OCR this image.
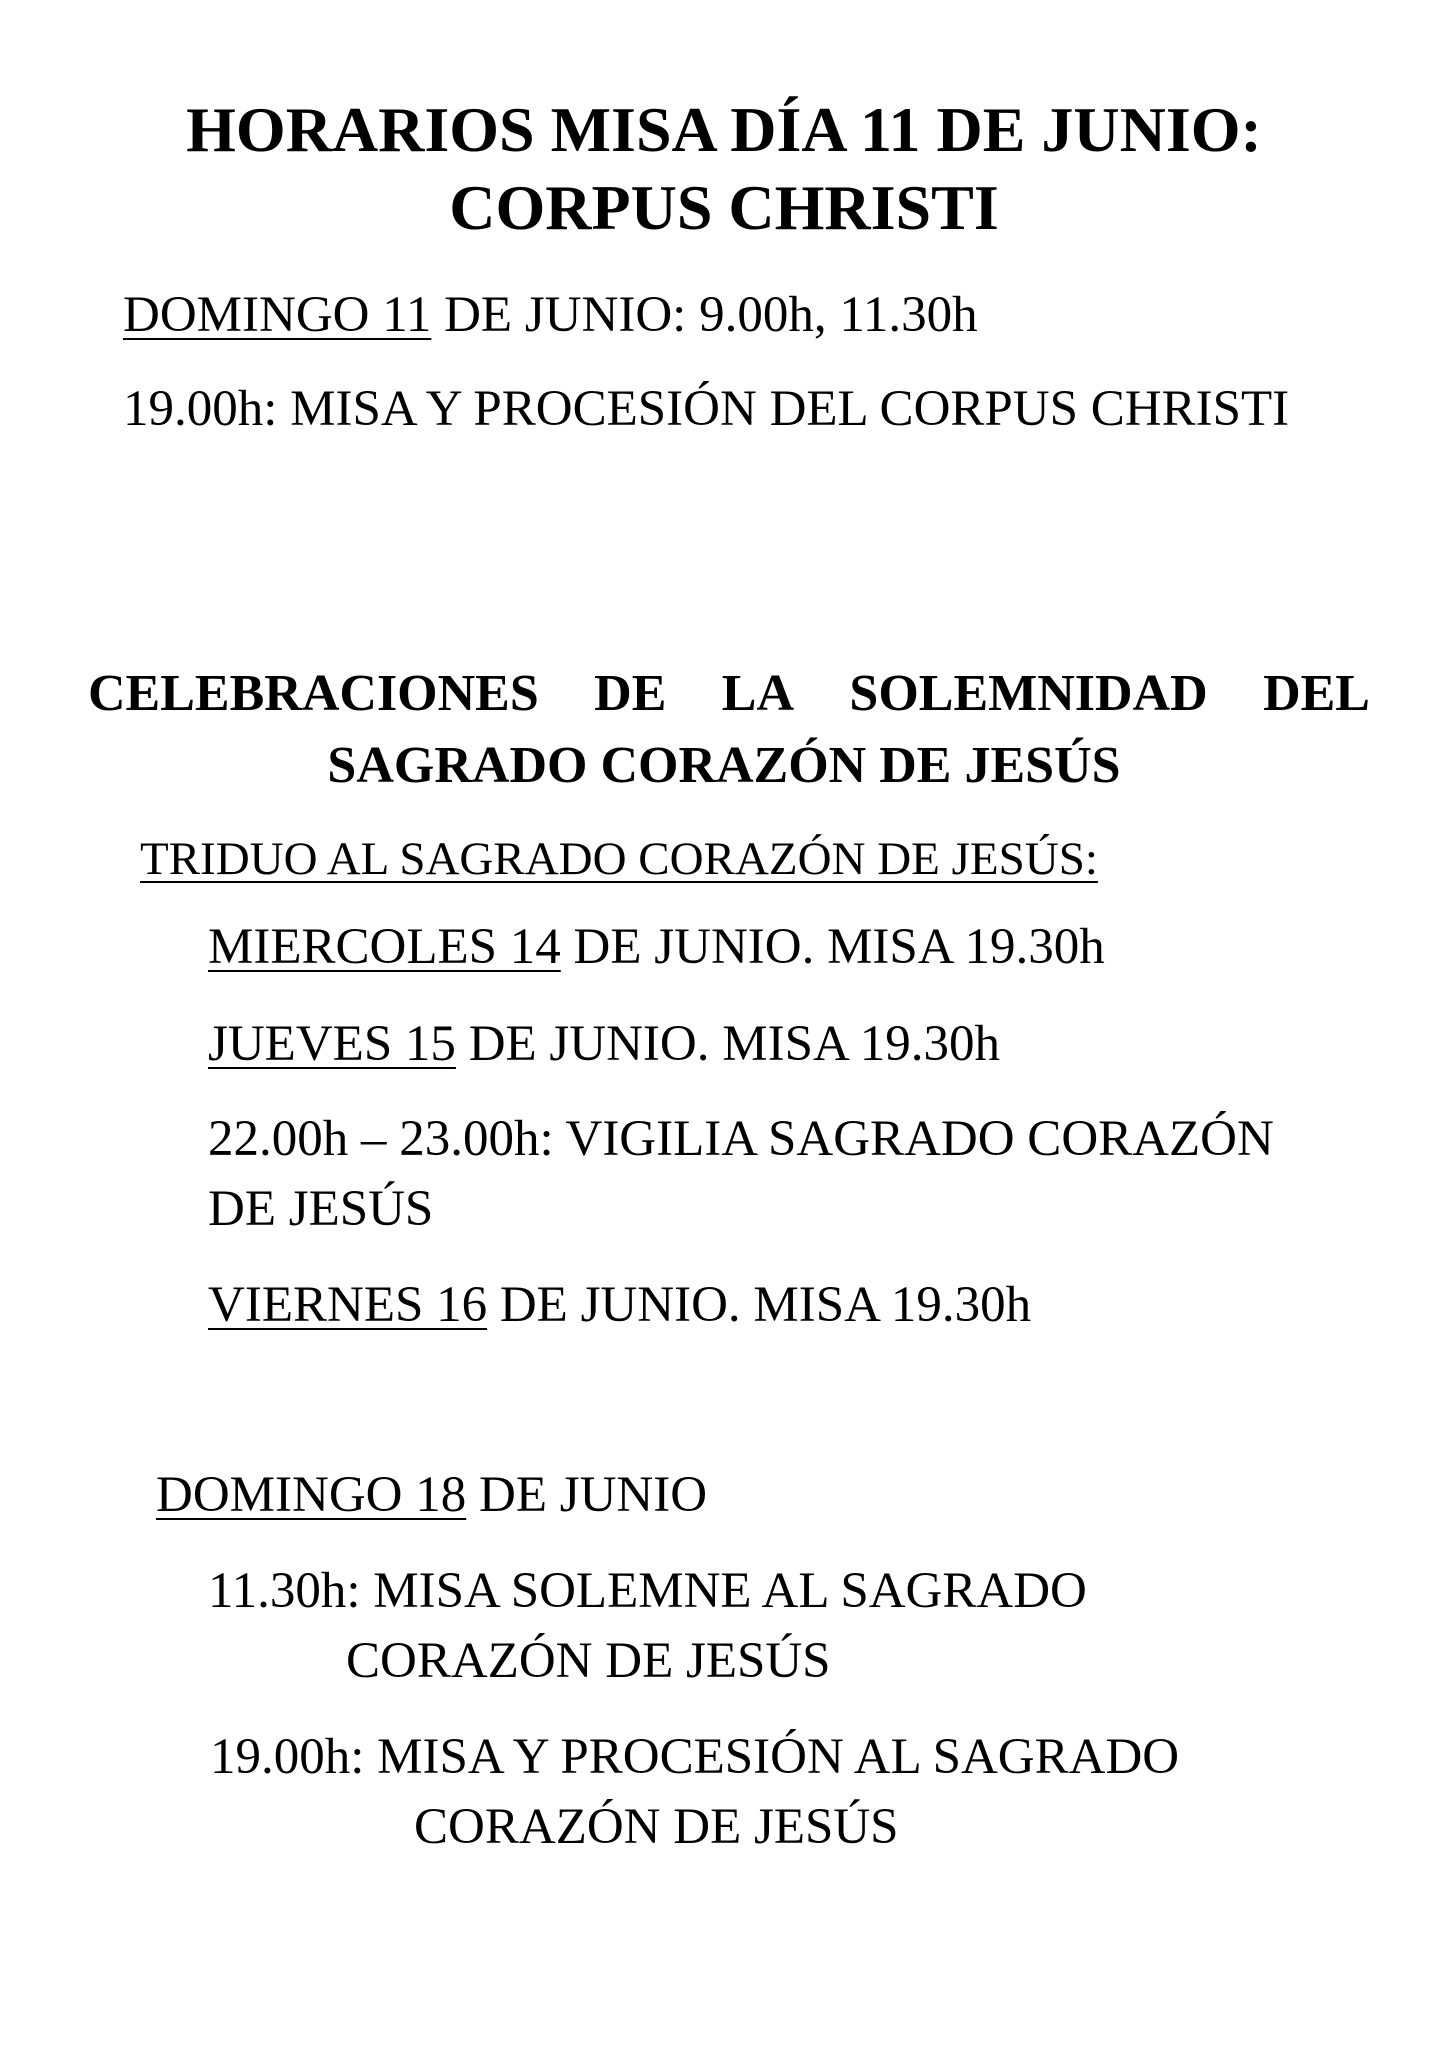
HORARIOS MISA DÍA 11 DE JUNIO:
CORPUS CHRISTI
DOMINGO 11 DE JUNIO: 9.00h, 11.30h
19.00h: MISA Y PROCESIÓN DEL CORPUS CHRISTI
CELEBRACIONES DE LA SOLEMNIDAD DEL
SAGRADO CORAZÓN DE JESÚS
TRIDUO AL SAGRADO CORAZÓN DE JESÚS:
MIERCOLES 14 DE JUNIO. MISA 19.30h
JUEVES 15 DE JUNIO. MISA 19.30h
22.00h – 23.00h: VIGILIA SAGRADO CORAZÓN
DE JESÚS
VIERNES 16 DE JUNIO. MISA 19.30h
DOMINGO 18 DE JUNIO
11.30h: MISA SOLEMNE AL SAGRADO
CORAZÓN DE JESÚS
19.00h: MISA Y PROCESIÓN AL SAGRADO
CORAZÓN DE JESÚS
